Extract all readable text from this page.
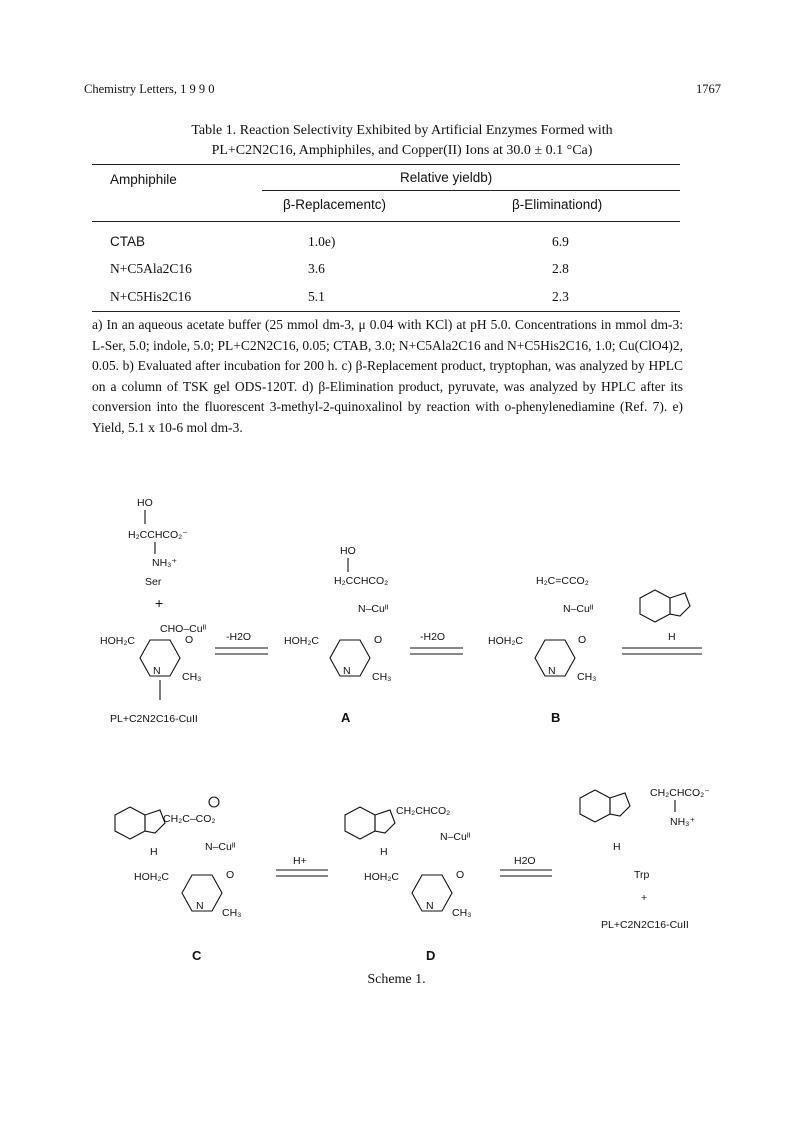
Chemistry Letters, 1 9 9 0	1767
Table 1. Reaction Selectivity Exhibited by Artificial Enzymes Formed with
PL+C2N2C16, Amphiphiles, and Copper(II) Ions at 30.0 ± 0.1 °Ca)
Amphiphile	Relative yieldb)
β-Replacementc)	β-Eliminationd)
CTAB	1.0e)	6.9
N+C5Ala2C16	3.6	2.8
N+C5His2C16	5.1	2.3
a) In an aqueous acetate buffer (25 mmol dm-3, μ 0.04 with KCl) at pH 5.0. Concentrations in mmol dm-3: L-Ser, 5.0; indole, 5.0; PL+C2N2C16, 0.05; CTAB, 3.0; N+C5Ala2C16 and N+C5His2C16, 1.0; Cu(ClO4)2, 0.05. b) Evaluated after incubation for 200 h. c) β-Replacement product, tryptophan, was analyzed by HPLC on a column of TSK gel ODS-120T. d) β-Elimination product, pyruvate, was analyzed by HPLC after its conversion into the fluorescent 3-methyl-2-quinoxalinol by reaction with o-phenylenediamine (Ref. 7). e) Yield, 5.1 x 10-6 mol dm-3.
HO
H₂CCHCO₂⁻
NH₃⁺
Ser
+
CHO–Cuᴵᴵ
HOH₂C	O
N CH₃
PL+C2N2C16-CuII
-H2O
HO
H₂CCHCO₂
N–Cuᴵᴵ
HOH₂C	O
N CH₃
A
-H2O
H₂C=CCO₂
N–Cuᴵᴵ
HOH₂C	O
N CH₃
B
H
H
CH₂C–CO₂
N–Cuᴵᴵ
HOH₂C	O
N
CH₃
C
H+
H
CH₂CHCO₂
N–Cuᴵᴵ
HOH₂C	O
N
CH₃
D
H2O
H
CH₂CHCO₂⁻
NH₃⁺
Trp
+
PL+C2N2C16-CuII
Scheme 1.
